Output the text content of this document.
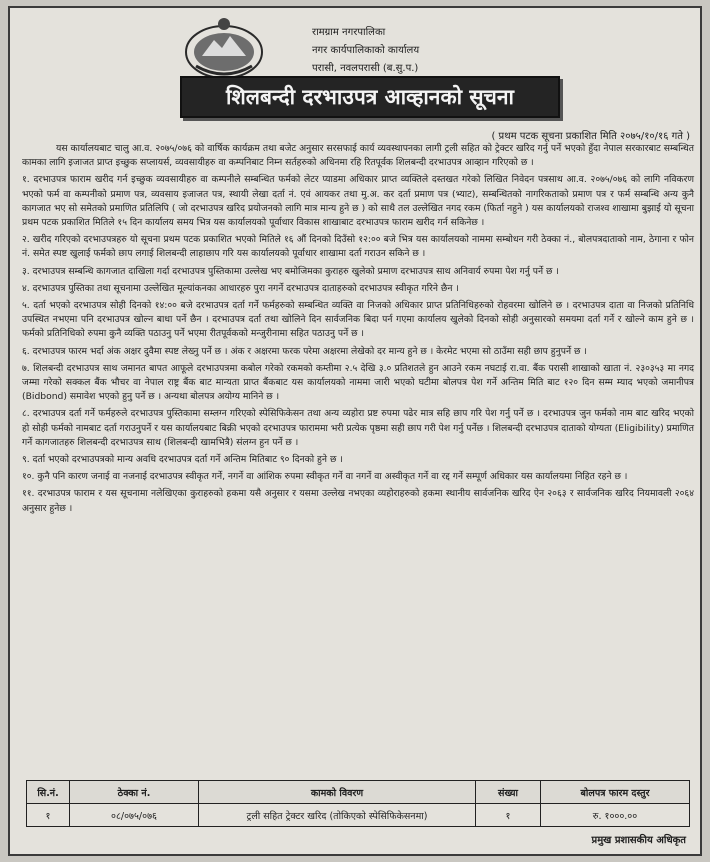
रामग्राम नगरपालिका
नगर कार्यपालिकाको कार्यालय
परासी, नवलपरासी (ब.सु.प.)
शिलबन्दी दरभाउपत्र आव्हानको सूचना
( प्रथम पटक सूचना प्रकाशित मिति २०७५/१०/१६ गते )

यस कार्यालयबाट चालु आ.व. २०७५/०७६ को वार्षिक कार्यक्रम तथा बजेट अनुसार सरसफाई कार्य व्यवस्थापनका लागी ट्रली सहित को ट्रेक्टर खरिद गर्नु पर्ने भएको हुँदा नेपाल सरकारबाट सम्बन्धित कामका लागि इजाजत प्राप्त इच्छुक सप्लायर्स, व्यवसायीहरु वा कम्पनिबाट निम्न सर्तहरुको अधिनमा रहि रितपूर्वक शिलबन्दी दरभाउपत्र आव्हान गरिएको छ ।

१. दरभाउपत्र फाराम खरीद गर्न इच्छुक व्यवसायीहरु वा कम्पनीले सम्बन्धित फर्मको लेटर प्याडमा अधिकार प्राप्त व्यक्तिले दस्तखत गरेको लिखित निवेदन पत्रसाथ आ.व. २०७५/०७६ को लागि नविकरण भएको फर्म वा कम्पनीको प्रमाण पत्र, व्यवसाय इजाजत पत्र, स्थायी लेखा दर्ता नं. एवं आयकर तथा मु.अ. कर दर्ता प्रमाण पत्र (भ्याट), सम्बन्धितको नागरिकताको प्रमाण पत्र र फर्म सम्बन्धि अन्य कुनै कागजात भए सो समेतको प्रमाणित प्रतिलिपि ( जो दरभाउपत्र खरिद प्रयोजनको लागि मात्र मान्य हुने छ ) को साथै तल उल्लेखित नगद रकम (फिर्ता नहुने ) यस कार्यालयको राजश्व शाखामा बुझाई यो सूचना प्रथम पटक प्रकाशित मितिले १५ दिन कार्यालय समय भित्र यस कार्यालयको पूर्वाधार विकास शाखाबाट दरभाउपत्र फाराम खरीद गर्न सकिनेछ ।

२. खरीद गरिएको दरभाउपत्रहरु यो सूचना प्रथम पटक प्रकाशित भएको मितिले १६ औं दिनको दिउँसो १२:०० बजे भित्र यस कार्यालयको नाममा सम्बोधन गरी ठेक्का नं., बोलपत्रदाताको नाम, ठेगाना र फोन नं. समेत स्पष्ट खुलाई फर्मको छाप लगाई शिलबन्दी लाहाछाप गरि यस कार्यालयको पूर्वाधार शाखामा दर्ता गराउन सकिने छ ।

३. दरभाउपत्र सम्बन्धि कागजात दाखिला गर्दा दरभाउपत्र पुस्तिकामा उल्लेख भए बमोजिमका कुराहरु खुलेको प्रमाण दरभाउपत्र साथ अनिवार्य रुपमा पेश गर्नु पर्ने छ ।

४. दरभाउपत्र पुस्तिका तथा सूचनामा उल्लेखित मूल्यांकनका आधारहरु पुरा नगर्ने दरभाउपत्र दाताहरुको दरभाउपत्र स्वीकृत गरिने छैन ।

५. दर्ता भएको दरभाउपत्र सोही दिनको १४:०० बजे दरभाउपत्र दर्ता गर्ने फर्महरुको सम्बन्धित व्यक्ति वा निजको अधिकार प्राप्त प्रतिनिधिहरुको रोहवरमा खोलिने छ । दरभाउपत्र दाता वा निजको प्रतिनिधि उपस्थित नभएमा पनि दरभाउपत्र खोल्न बाधा पर्ने छैन । दरभाउपत्र दर्ता तथा खोलिने दिन सार्वजनिक बिदा पर्न गएमा कार्यालय खुलेको दिनको सोही अनुसारको समयमा दर्ता गर्ने र खोल्ने काम हुने छ । फर्मको प्रतिनिधिको रुपमा कुनै व्यक्ति पठाउनु पर्ने भएमा रीतपूर्वकको मन्जुरीनामा सहित पठाउनु पर्ने छ ।

६. दरभाउपत्र फारम भर्दा अंक अक्षर दुवैमा स्पष्ट लेख्नु पर्ने छ । अंक र अक्षरमा फरक परेमा अक्षरमा लेखेको दर मान्य हुने छ । केरमेट भएमा सो ठाउँमा सही छाप हुनुपर्ने छ ।

७. शिलबन्दी दरभाउपत्र साथ जमानत बापत आफूले दरभाउपत्रमा कबोल गरेको रकमको कम्तीमा २.५ देखि ३.० प्रतिशतले हुन आउने रकम नघटाई रा.वा. बैंक परासी शाखाको खाता नं. २३०३५३ मा नगद जम्मा गरेको सक्कल बैंक भौचर वा नेपाल राष्ट्र बैंक बाट मान्यता प्राप्त बैंकबाट यस कार्यालयको नाममा जारी भएको घटीमा बोलपत्र पेश गर्ने अन्तिम मिति बाट १२० दिन सम्म म्याद भएको जमानीपत्र (Bidbond) समावेश भएको हुनु पर्ने छ । अन्यथा बोलपत्र अयोग्य मानिने छ ।

८. दरभाउपत्र दर्ता गर्ने फर्महरुले दरभाउपत्र पुस्तिकामा सम्लग्न गरिएको स्पेसिफिकेसन तथा अन्य व्यहोरा प्रष्ट रुपमा पढेर मात्र सहि छाप गरि पेश गर्नु पर्ने छ । दरभाउपत्र जुन फर्मको नाम बाट खरिद भएको हो सोही फर्मको नामबाट दर्ता गराउनुपर्ने र यस कार्यालयबाट बिक्री भएको दरभाउपत्र फाराममा भरी प्रत्येक पृष्ठमा सही छाप गरी पेश गर्नु पर्नेछ । शिलबन्दी दरभाउपत्र दाताको योग्यता (Eligibility) प्रमाणित गर्ने कागजातहरु शिलबन्दी दरभाउपत्र साथ (शिलबन्दी खामभित्रै) संलग्न हुन पर्ने छ ।

९. दर्ता भएको दरभाउपत्रको मान्य अवधि दरभाउपत्र दर्ता गर्ने अन्तिम मितिबाट ९० दिनको हुने छ ।

१०. कुनै पनि कारण जनाई वा नजनाई दरभाउपत्र स्वीकृत गर्ने, नगर्ने वा आंशिक रुपमा स्वीकृत गर्ने वा नगर्ने वा अस्वीकृत गर्ने वा रद्द गर्ने सम्पूर्ण अधिकार यस कार्यालयमा निहित रहने छ ।

११. दरभाउपत्र फाराम र यस सूचनामा नलेखिएका कुराहरुको हकमा यसै अनुसार र यसमा उल्लेख नभएका व्यहोराहरुको हकमा स्थानीय सार्वजनिक खरिद ऐन २०६३ र सार्वजनिक खरिद नियमावली २०६४ अनुसार हुनेछ ।

सि.नं.	ठेक्का नं.	कामको विवरण	संख्या	बोलपत्र फारम दस्तुर
१	०८/०७५/०७६	ट्रली सहित ट्रेक्टर खरिद (तोकिएको स्पेसिफिकेसनमा)	१	रु. १०००.००
प्रमुख प्रशासकीय अधिकृत
